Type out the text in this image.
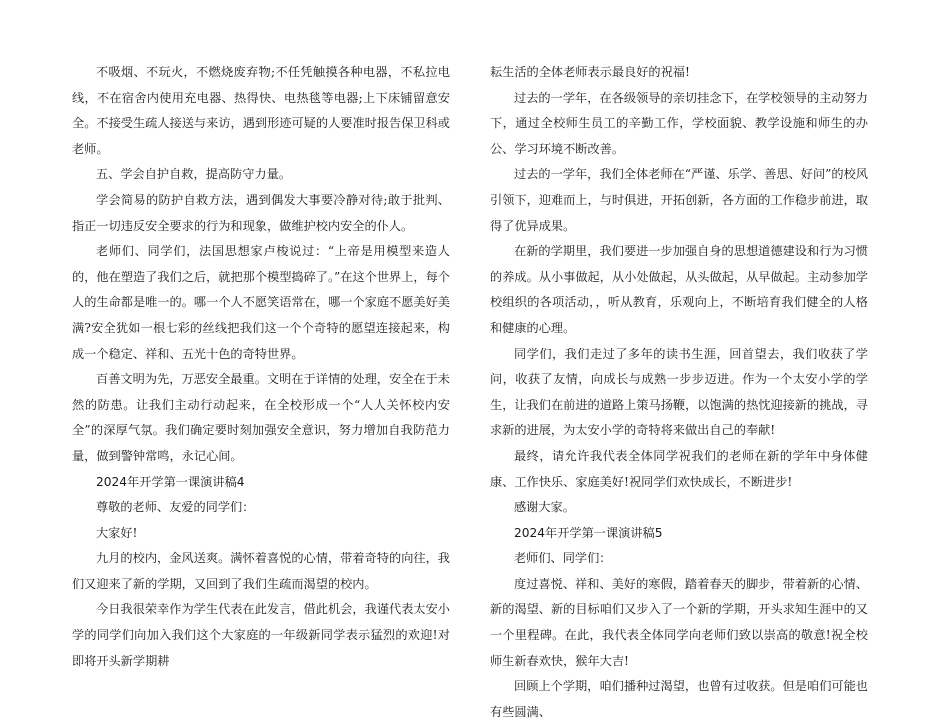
不吸烟、不玩火，不燃烧废弃物;不任凭触摸各种电器，不私拉电线，不在宿舍内使用充电器、热得快、电热毯等电器;上下床铺留意安全。不接受生疏人接送与来访，遇到形迹可疑的人要准时报告保卫科或老师。

五、学会自护自救，提高防守力量。

学会简易的防护自救方法，遇到偶发大事要冷静对待;敢于批判、指正一切违反安全要求的行为和现象，做维护校内安全的仆人。

老师们、同学们，法国思想家卢梭说过：“上帝是用模型来造人的，他在塑造了我们之后，就把那个模型捣碎了。”在这个世界上，每个人的生命都是唯一的。哪一个人不愿笑语常在，哪一个家庭不愿美好美满?安全犹如一根七彩的丝线把我们这一个个奇特的愿望连接起来，构成一个稳定、祥和、五光十色的奇特世界。

百善文明为先，万恶安全最重。文明在于详情的处理，安全在于未然的防患。让我们主动行动起来，在全校形成一个“人人关怀校内安全”的深厚气氛。我们确定要时刻加强安全意识，努力增加自我防范力量，做到警钟常鸣，永记心间。

2024年开学第一课演讲稿4

尊敬的老师、友爱的同学们：

大家好!

九月的校内，金风送爽。满怀着喜悦的心情，带着奇特的向往，我们又迎来了新的学期，又回到了我们生疏而渴望的校内。

今日我很荣幸作为学生代表在此发言，借此机会，我谨代表太安小学的同学们向加入我们这个大家庭的一年级新同学表示猛烈的欢迎!对即将开头新学期耕

耘生活的全体老师表示最良好的祝福!

过去的一学年，在各级领导的亲切挂念下，在学校领导的主动努力下，通过全校师生员工的辛勤工作，学校面貌、教学设施和师生的办公、学习环境不断改善。

过去的一学年，我们全体老师在“严谨、乐学、善思、好问”的校风引领下，迎难而上，与时俱进，开拓创新，各方面的工作稳步前进，取得了优异成果。

在新的学期里，我们要进一步加强自身的思想道德建设和行为习惯的养成。从小事做起，从小处做起，从头做起，从早做起。主动参加学校组织的各项活动，，听从教育，乐观向上，不断培育我们健全的人格和健康的心理。

同学们，我们走过了多年的读书生涯，回首望去，我们收获了学问，收获了友情，向成长与成熟一步步迈进。作为一个太安小学的学生，让我们在前进的道路上策马扬鞭，以饱满的热忱迎接新的挑战，寻求新的进展，为太安小学的奇特将来做出自己的奉献!

最终，请允许我代表全体同学祝我们的老师在新的学年中身体健康、工作快乐、家庭美好!祝同学们欢快成长，不断进步!

感谢大家。

2024年开学第一课演讲稿5

老师们、同学们：

度过喜悦、祥和、美好的寒假，踏着春天的脚步，带着新的心情、新的渴望、新的目标咱们又步入了一个新的学期，开头求知生涯中的又一个里程碑。在此，我代表全体同学向老师们致以崇高的敬意!祝全校师生新春欢快，猴年大吉!

回顾上个学期，咱们播种过渴望，也曾有过收获。但是咱们可能也有些圆满、
